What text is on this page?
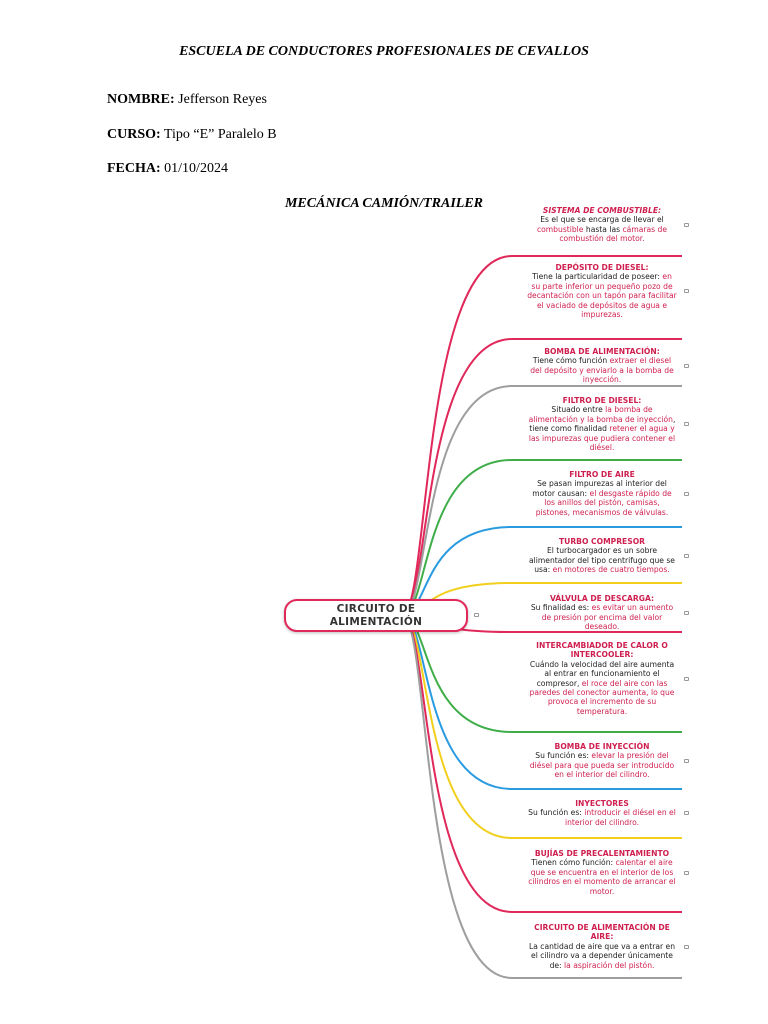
ESCUELA DE CONDUCTORES PROFESIONALES DE CEVALLOS
NOMBRE: Jefferson Reyes
CURSO: Tipo “E” Paralelo B
FECHA: 01/10/2024
MECÁNICA CAMIÓN/TRAILER
CIRCUITO DE
ALIMENTACIÓN
SISTEMA DE COMBUSTIBLE:
Es el que se encarga de llevar el combustible hasta las cámaras de combustión del motor.
DEPÓSITO DE DIESEL:
Tiene la particularidad de poseer: en su parte inferior un pequeño pozo de decantación con un tapón para facilitar el vaciado de depósitos de agua e impurezas.
BOMBA DE ALIMENTACIÓN:
Tiene cómo función extraer el diesel del depósito y enviarlo a la bomba de inyección.
FILTRO DE DIESEL:
Situado entre la bomba de alimentación y la bomba de inyección, tiene como finalidad retener el agua y las impurezas que pudiera contener el diésel.
FILTRO DE AIRE
Se pasan impurezas al interior del motor causan: el desgaste rápido de los anillos del pistón, camisas, pistones, mecanismos de válvulas.
TURBO COMPRESOR
El turbocargador es un sobre alimentador del tipo centrifugo que se usa: en motores de cuatro tiempos.
VÁLVULA DE DESCARGA:
Su finalidad es: es evitar un aumento de presión por encima del valor deseado.
INTERCAMBIADOR DE CALOR O INTERCOOLER:
Cuándo la velocidad del aire aumenta al entrar en funcionamiento el compresor, el roce del aire con las paredes del conector aumenta, lo que provoca el incremento de su temperatura.
BOMBA DE INYECCIÓN
Su función es: elevar la presión del diésel para que pueda ser introducido en el interior del cilindro.
INYECTORES
Su función es: introducir el diésel en el interior del cilindro.
BUJÍAS DE PRECALENTAMIENTO
Tienen cómo función: calentar el aire que se encuentra en el interior de los cilindros en el momento de arrancar el motor.
CIRCUITO DE ALIMENTACIÓN DE AIRE:
La cantidad de aire que va a entrar en el cilindro va a depender únicamente de: la aspiración del pistón.
